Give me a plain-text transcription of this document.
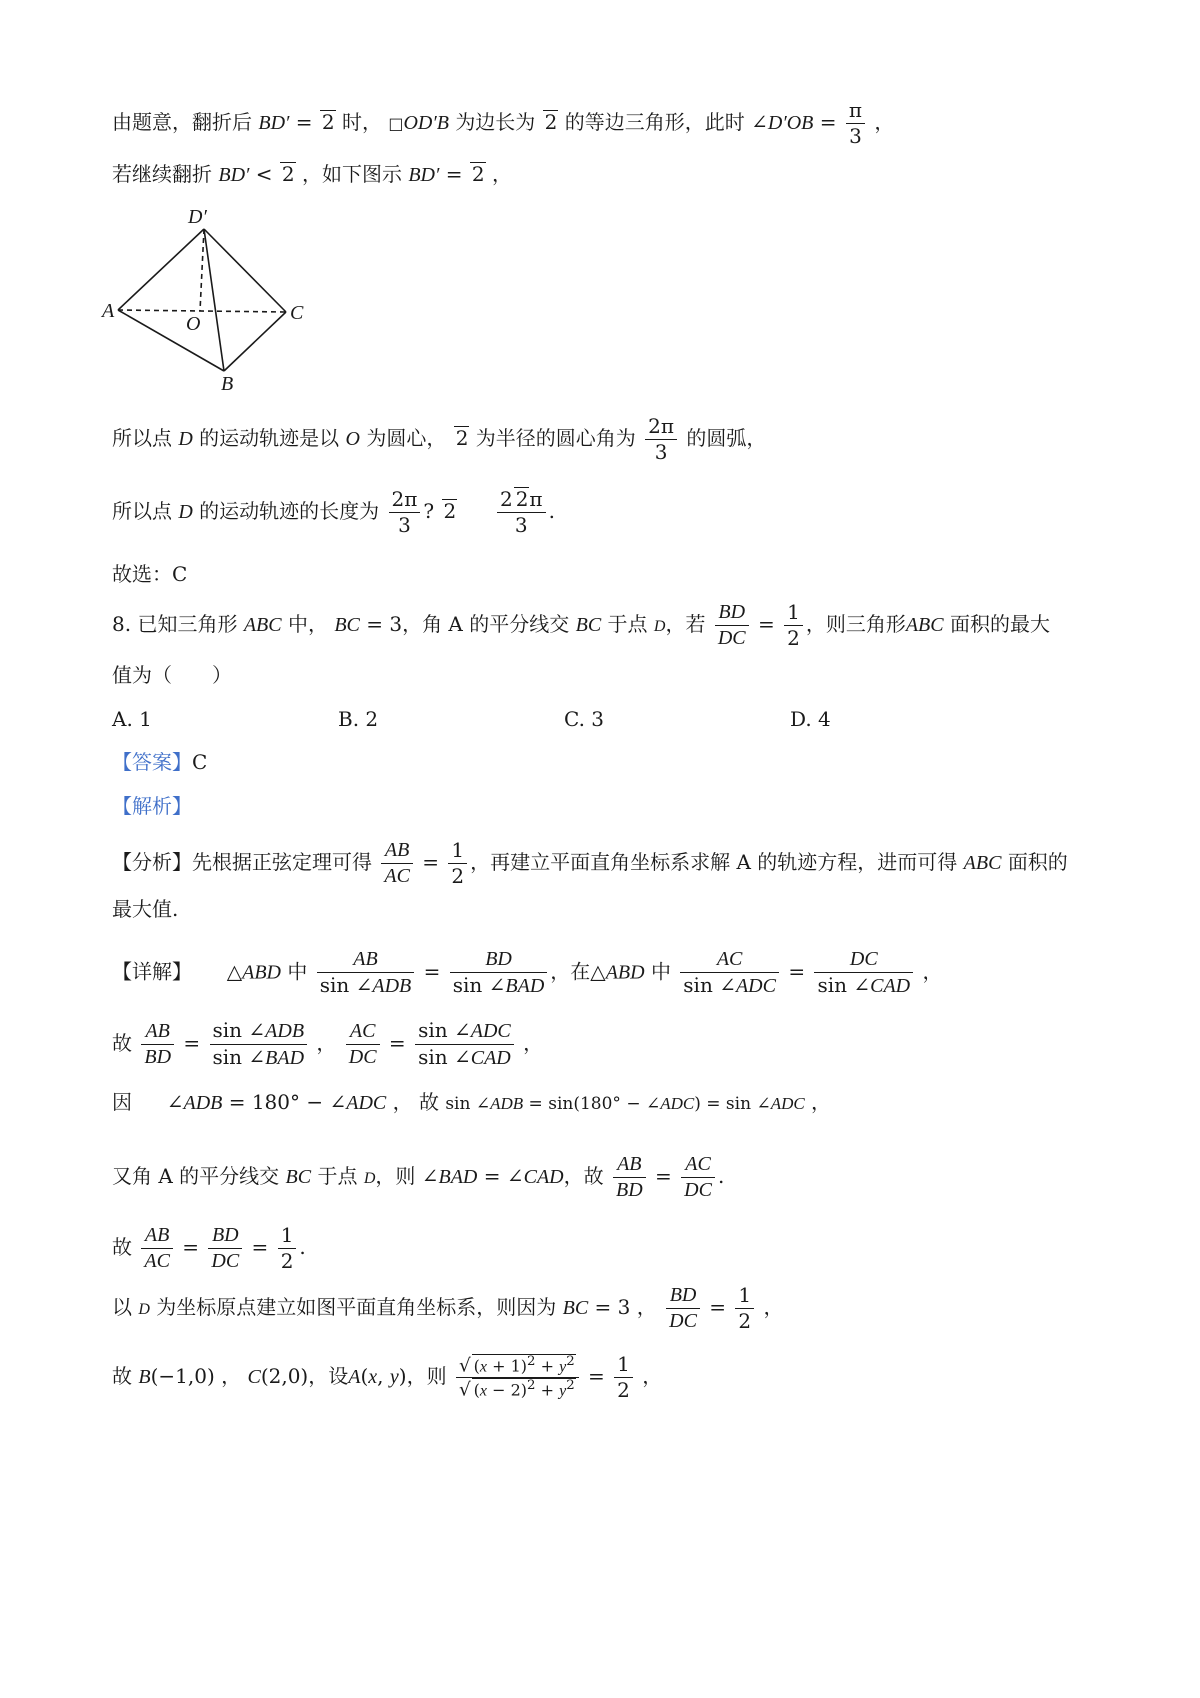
由题意，翻折后 BD′ = 2 时， □OD′B 为边长为 2 的等边三角形，此时 ∠D′OB = $\frac{\pi}{3}$ ，
若继续翻折 BD′ < 2 ，如下图示 BD′ = 2 ，
D′
A
O	C
B
所以点 D 的运动轨迹是以 O 为圆心， 2 为半径的圆心角为 $\frac{2\pi}{3}$ 的圆弧，
所以点 D 的运动轨迹的长度为 $\frac{2\pi}{3}$ ? $2 \frac{2 2\pi}{3}$ .
故选：C
8. 已知三角形 ABC 中， BC = 3，角 A 的平分线交 BC 于点 D，若 $\frac{BD}{DC} = \frac{1}{2}$ ，则三角形ABC 面积的最大
值为（　　）
A. 1	B. 2	C. 3	D. 4
【答案】C
【解析】
【分析】先根据正弦定理可得 $\frac{AB}{AC} = \frac{1}{2}$ ，再建立平面直角坐标系求解 A 的轨迹方程，进而可得 ABC 面积的
最大值.
【详解】  △ABD 中 $\frac{AB}{\text{sin ∠ADB}} = \frac{BD}{\text{sin ∠BAD}}$ ，在△ABD 中 $\frac{AC}{\text{sin ∠ADC}} = \frac{DC}{\text{sin ∠CAD}}$ ，
故 $\frac{AB}{BD} = \frac{\text{sin ∠ADB}}{\text{sin ∠BAD}}$ ， $\frac{AC}{DC} = \frac{\text{sin ∠ADC}}{\text{sin ∠CAD}}$ ，
因 ∠ADB = 180° − ∠ADC ， 故 sin ∠ADB = sin(180° − ∠ADC) = sin ∠ADC ，
又角 A 的平分线交 BC 于点 D，则 ∠BAD = ∠CAD，故 $\frac{AB}{BD} = \frac{AC}{DC}$ .
故 $\frac{AB}{AC} = \frac{BD}{DC} = \frac{1}{2}$ .
以 D 为坐标原点建立如图平面直角坐标系，则因为 BC = 3 ， $\frac{BD}{DC} = \frac{1}{2}$ ，
故 B(−1,0) ， C(2,0)，设A(x, y)，则 $\frac{√ (x + 1)^2 + y^2}{√ (x - 2)^2 + y^2} = \frac{1}{2}$ ，
